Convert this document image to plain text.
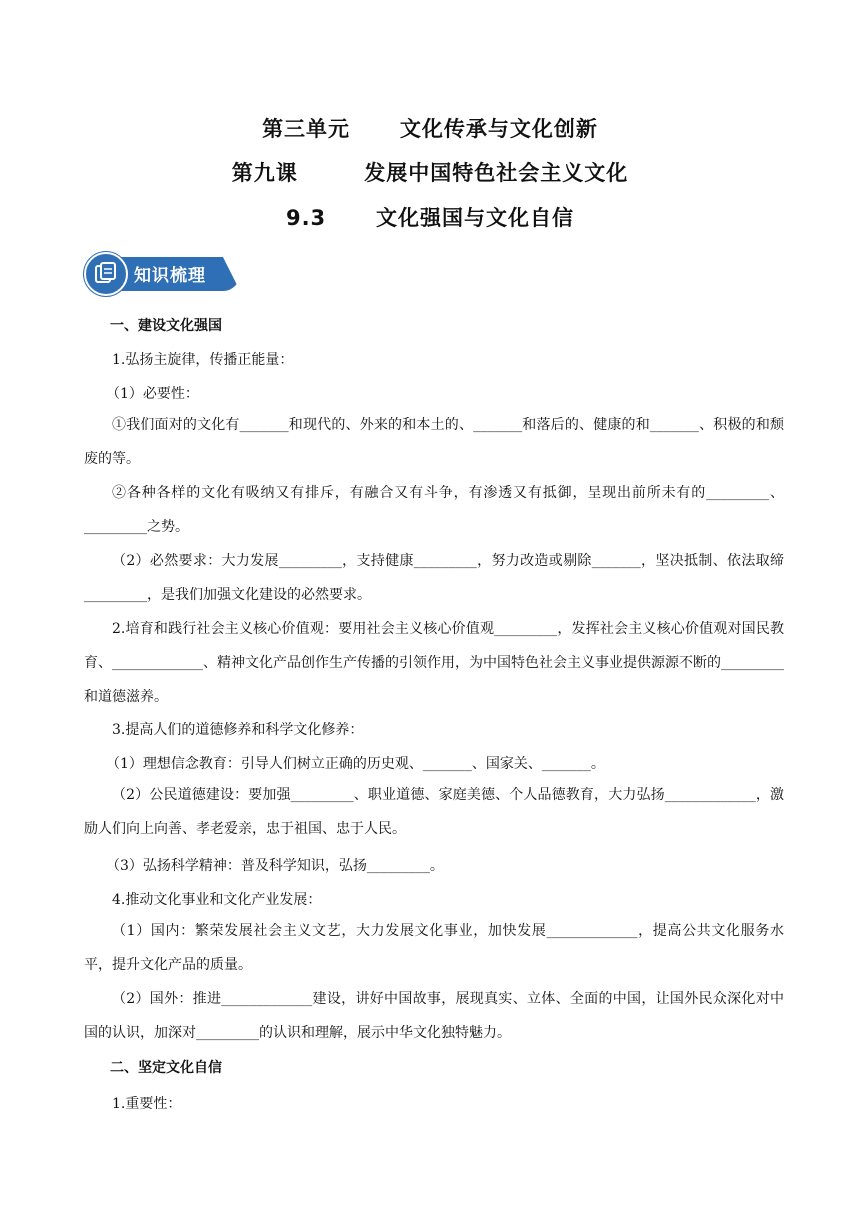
第三单元      文化传承与文化创新
第九课        发展中国特色社会主义文化
9.3      文化强国与文化自信
知识梳理
一、建设文化强国
1.弘扬主旋律，传播正能量：
（1）必要性：
①我们面对的文化有_______和现代的、外来的和本土的、_______和落后的、健康的和_______、积极的和颓废的等。
②各种各样的文化有吸纳又有排斥，有融合又有斗争，有渗透又有抵御，呈现出前所未有的_________、_________之势。
（2）必然要求：大力发展_________，支持健康_________，努力改造或剔除_______，坚决抵制、依法取缔_________，是我们加强文化建设的必然要求。
2.培育和践行社会主义核心价值观：要用社会主义核心价值观_________，发挥社会主义核心价值观对国民教育、_____________、精神文化产品创作生产传播的引领作用，为中国特色社会主义事业提供源源不断的_________和道德滋养。
3.提高人们的道德修养和科学文化修养：
（1）理想信念教育：引导人们树立正确的历史观、_______、国家关、_______。
（2）公民道德建设：要加强_________、职业道德、家庭美德、个人品德教育，大力弘扬_____________，激励人们向上向善、孝老爱亲，忠于祖国、忠于人民。
（3）弘扬科学精神：普及科学知识，弘扬_________。
4.推动文化事业和文化产业发展：
（1）国内：繁荣发展社会主义文艺，大力发展文化事业，加快发展_____________，提高公共文化服务水平，提升文化产品的质量。
（2）国外：推进_____________建设，讲好中国故事，展现真实、立体、全面的中国，让国外民众深化对中国的认识，加深对_________的认识和理解，展示中华文化独特魅力。
二、坚定文化自信
1.重要性：
